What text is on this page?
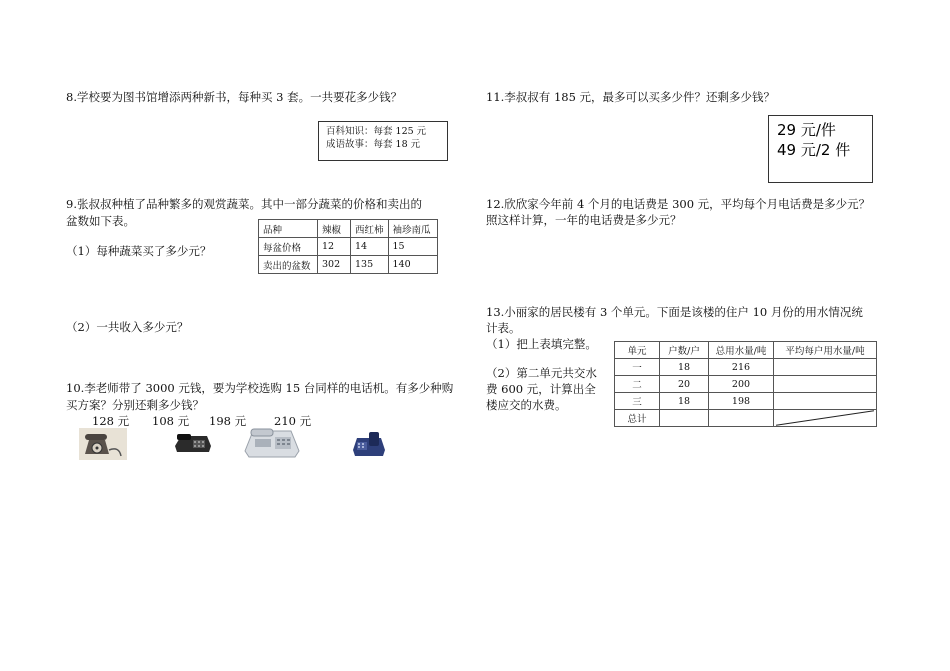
8.学校要为图书馆增添两种新书，每种买 3 套。一共要花多少钱？
百科知识：每套 125 元
成语故事：每套 18 元
9.张叔叔种植了品种繁多的观赏蔬菜。其中一部分蔬菜的价格和卖出的
盆数如下表。
（1）每种蔬菜买了多少元？
品种	辣椒	西红柿	袖珍南瓜
每盆价格	12	14	15
卖出的盆数	302	135	140
（2）一共收入多少元？
10.李老师带了 3000 元钱，要为学校选购 15 台同样的电话机。有多少种购
买方案？分别还剩多少钱？
128 元 108 元 198 元 210 元
11.李叔叔有 185 元，最多可以买多少件？还剩多少钱？
29 元/件
49 元/2 件
12.欣欣家今年前 4 个月的电话费是 300 元，平均每个月电话费是多少元？
照这样计算，一年的电话费是多少元？
13.小丽家的居民楼有 3 个单元。下面是该楼的住户 10 月份的用水情况统
计表。
（1）把上表填完整。
（2）第二单元共交水
费 600 元，计算出全
楼应交的水费。
单元	户数/户	总用水量/吨	平均每户用水量/吨
一	18	216	
二	20	200	
三	18	198	
总计			
